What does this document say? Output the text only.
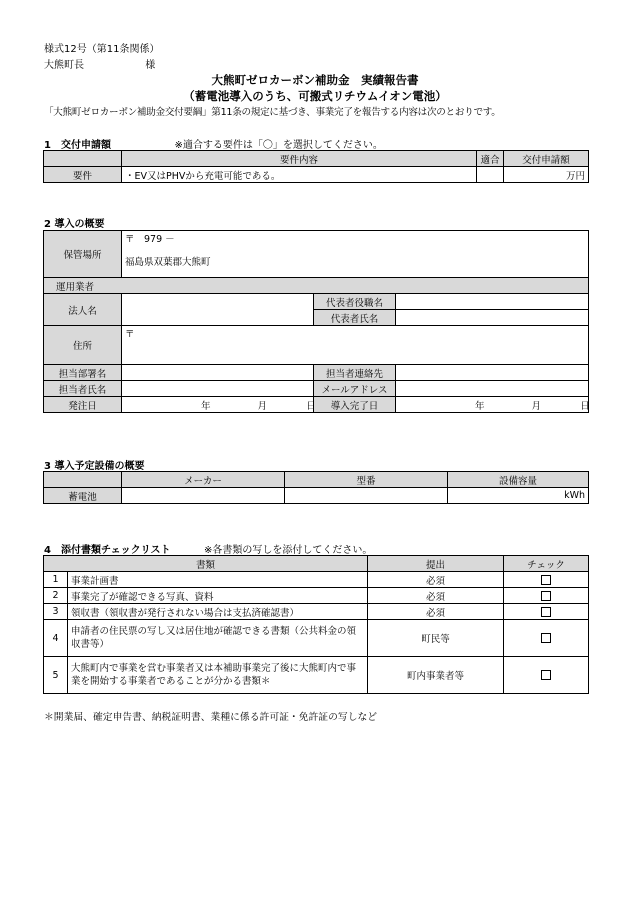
様式12号（第11条関係）
大熊町長	様
大熊町ゼロカーボン補助金　実績報告書
（蓄電池導入のうち、可搬式リチウムイオン電池）
「大熊町ゼロカーボン補助金交付要綱」第11条の規定に基づき、事業完了を報告する内容は次のとおりです。
1　交付申請額	※適合する要件は「〇」を選択してください。
	要件内容	適合	交付申請額
要件	・EV又はPHVから充電可能である。		万円
2 導入の概要
保管場所	〒　979 －
福島県双葉郡大熊町		

運用業者			
法人名		代表者役職名	
		代表者氏名	
住所	〒		
担当部署名		担当者連絡先	
担当者氏名		メールアドレス	
発注日	年 月 日	導入完了日	年 月 日
3 導入予定設備の概要
	メーカー	型番	設備容量
蓄電池			kWh
4　添付書類チェックリスト	※各書類の写しを添付してください。
書類		提出	チェック
1	事業計画書	必須	
2	事業完了が確認できる写真、資料	必須	
3	領収書（領収書が発行されない場合は支払済確認書）	必須	
4	申請者の住民票の写し又は居住地が確認できる書類（公共料金の領収書等）	町民等	
5	大熊町内で事業を営む事業者又は本補助事業完了後に大熊町内で事業を開始する事業者であることが分かる書類＊	町内事業者等	
＊開業届、確定申告書、納税証明書、業種に係る許可証・免許証の写しなど
